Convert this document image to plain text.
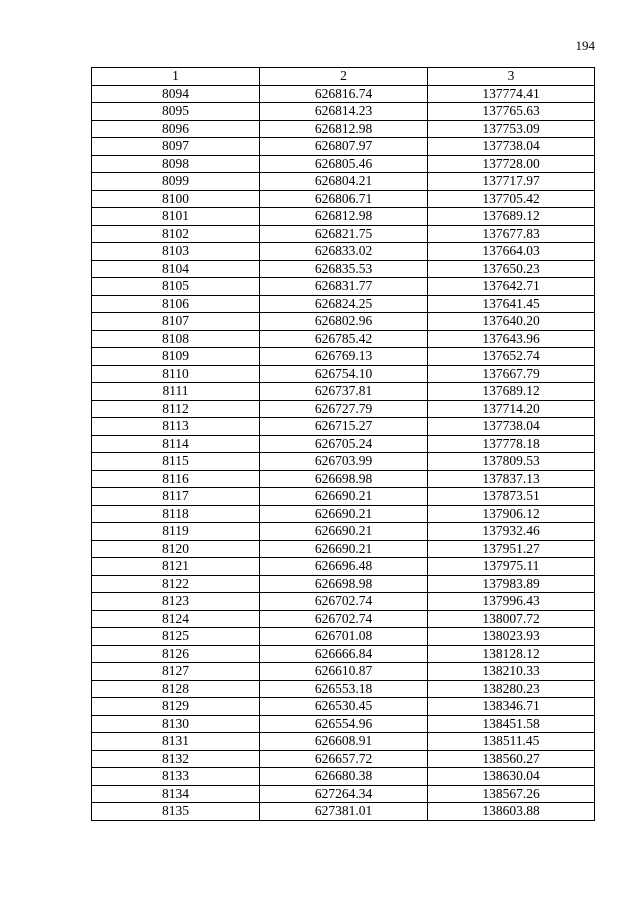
194
1	2	3
8094	626816.74	137774.41
8095	626814.23	137765.63
8096	626812.98	137753.09
8097	626807.97	137738.04
8098	626805.46	137728.00
8099	626804.21	137717.97
8100	626806.71	137705.42
8101	626812.98	137689.12
8102	626821.75	137677.83
8103	626833.02	137664.03
8104	626835.53	137650.23
8105	626831.77	137642.71
8106	626824.25	137641.45
8107	626802.96	137640.20
8108	626785.42	137643.96
8109	626769.13	137652.74
8110	626754.10	137667.79
8111	626737.81	137689.12
8112	626727.79	137714.20
8113	626715.27	137738.04
8114	626705.24	137778.18
8115	626703.99	137809.53
8116	626698.98	137837.13
8117	626690.21	137873.51
8118	626690.21	137906.12
8119	626690.21	137932.46
8120	626690.21	137951.27
8121	626696.48	137975.11
8122	626698.98	137983.89
8123	626702.74	137996.43
8124	626702.74	138007.72
8125	626701.08	138023.93
8126	626666.84	138128.12
8127	626610.87	138210.33
8128	626553.18	138280.23
8129	626530.45	138346.71
8130	626554.96	138451.58
8131	626608.91	138511.45
8132	626657.72	138560.27
8133	626680.38	138630.04
8134	627264.34	138567.26
8135	627381.01	138603.88
